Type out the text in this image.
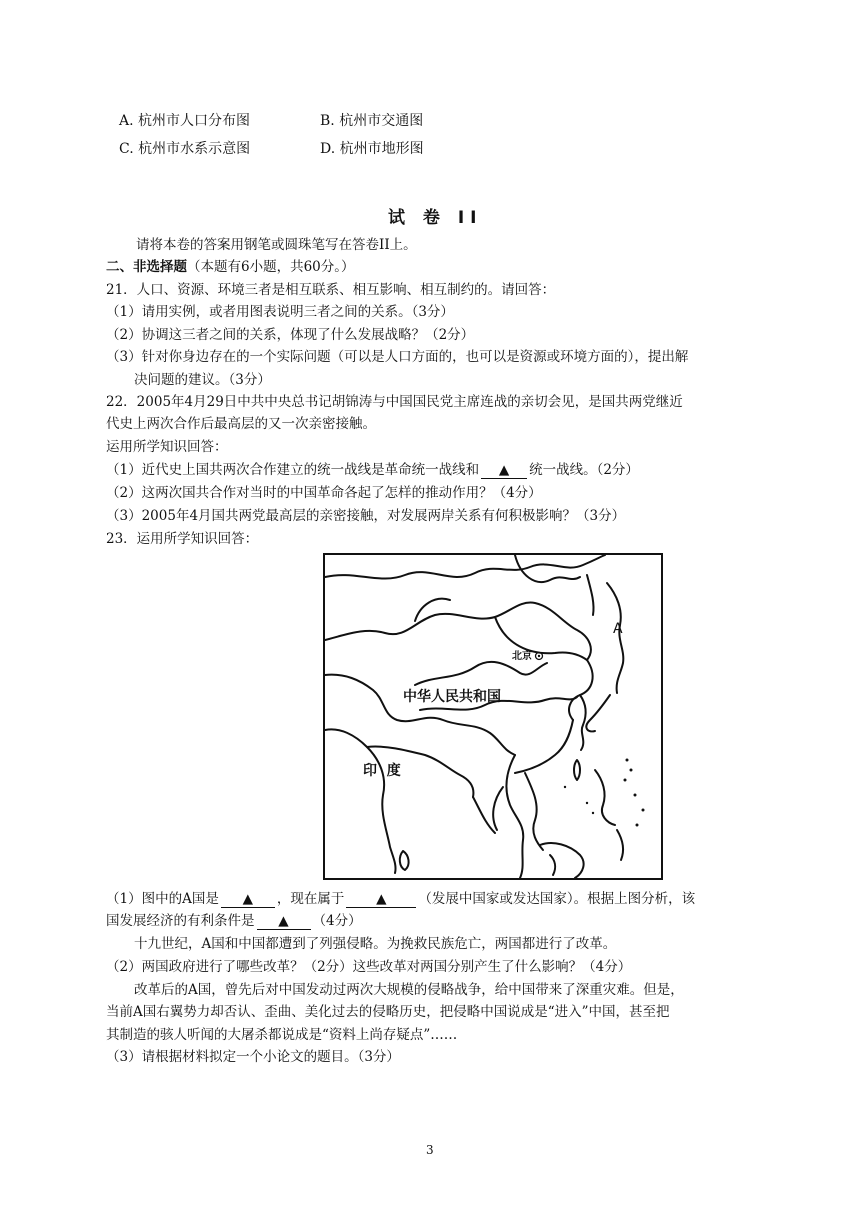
A. 杭州市人口分布图	B. 杭州市交通图
C. 杭州市水系示意图	D. 杭州市地形图
试 卷 II
请将本卷的答案用钢笔或圆珠笔写在答卷II上。
二、非选择题（本题有6小题，共60分。）
21．人口、资源、环境三者是相互联系、相互影响、相互制约的。请回答：
（1）请用实例，或者用图表说明三者之间的关系。（3分）
（2）协调这三者之间的关系，体现了什么发展战略？（2分）
（3）针对你身边存在的一个实际问题（可以是人口方面的，也可以是资源或环境方面的），提出解
决问题的建议。（3分）
22．2005年4月29日中共中央总书记胡锦涛与中国国民党主席连战的亲切会见，是国共两党继近
代史上两次合作后最高层的又一次亲密接触。
运用所学知识回答：
（1）近代史上国共两次合作建立的统一战线是革命统一战线和 ▲ 统一战线。（2分）
（2）这两次国共合作对当时的中国革命各起了怎样的推动作用？（4分）
（3）2005年4月国共两党最高层的亲密接触，对发展两岸关系有何积极影响？（3分）
23．运用所学知识回答：
A
北京
中华人民共和国
印  度
（1）图中的A国是 ▲ ，现在属于 ▲ （发展中国家或发达国家）。根据上图分析，该
国发展经济的有利条件是 ▲ （4分）
十九世纪，A国和中国都遭到了列强侵略。为挽救民族危亡，两国都进行了改革。
（2）两国政府进行了哪些改革？（2分）这些改革对两国分别产生了什么影响？（4分）
改革后的A国，曾先后对中国发动过两次大规模的侵略战争，给中国带来了深重灾难。但是，
当前A国右翼势力却否认、歪曲、美化过去的侵略历史，把侵略中国说成是“进入”中国，甚至把
其制造的骇人听闻的大屠杀都说成是“资料上尚存疑点”……
（3）请根据材料拟定一个小论文的题目。（3分）
3
